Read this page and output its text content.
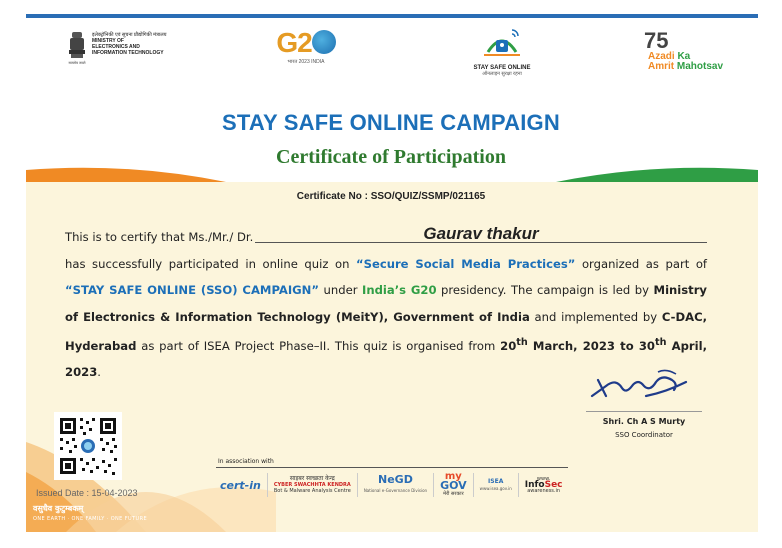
सत्यमेव जयते
इलेक्ट्रॉनिकी एवं सूचना प्रौद्योगिकी मंत्रालय
MINISTRY OF
ELECTRONICS AND
INFORMATION TECHNOLOGY	G2
भारत 2023 INDIA
STAY SAFE ONLINE
ऑनलाइन सुरक्षा रहना
75
Azadi Ka
Amrit Mahotsav
STAY SAFE ONLINE CAMPAIGN
Certificate of Participation
Certificate No : SSO/QUIZ/SSMP/021165
This is to certify that Ms./Mr./ Dr.	Gaurav thakur
has successfully participated in online quiz on “Secure Social Media Practices” organized as part of “STAY SAFE ONLINE (SSO) CAMPAIGN” under India’s G20 presidency. The campaign is led by Ministry of Electronics & Information Technology (MeitY), Government of India and implemented by C-DAC, Hyderabad as part of ISEA Project Phase–II. This quiz is organised from 20th March, 2023 to 30th April, 2023.
Shri. Ch A S Murty
SSO Coordinator
Issued Date : 15-04-2023
वसुधैव कुटुम्बकम्
ONE EARTH · ONE FAMILY · ONE FUTURE
In association with
cert-in	साइबर स्वच्छता केन्द्र
CYBER SWACHHTA KENDRA
Bot & Malware Analysis Centre
NeGD
National e-Governance Division
my
GOV
मेरी सरकार
ISEA
www.isea.gov.in
www.
InfoSec
awareness.in
